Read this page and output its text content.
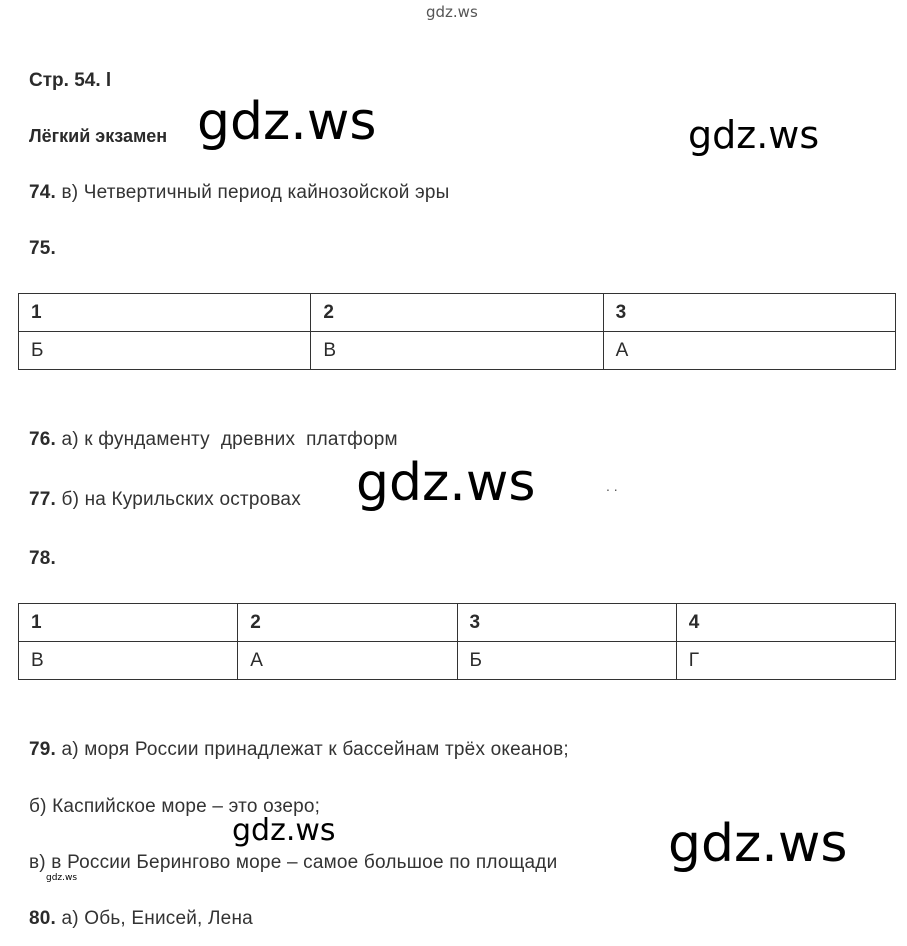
gdz.ws
Стр. 54. l
Лёгкий экзамен gdz.ws	gdz.ws
74. в) Четвертичный период кайнозойской эры
75.
1	2	3
Б	В	А
76. а) к фундаменту  древних  платформ
77. б) на Курильских островах
. .
gdz.ws
78.
1	2	3	4
В	А	Б	Г
79. а) моря России принадлежат к бассейнам трёх океанов;
б) Каспийское море – это озеро;
в) в России Берингово море – самое большое по площади
gdz.ws	gdz.ws
gdz.ws
80. а) Обь, Енисей, Лена
